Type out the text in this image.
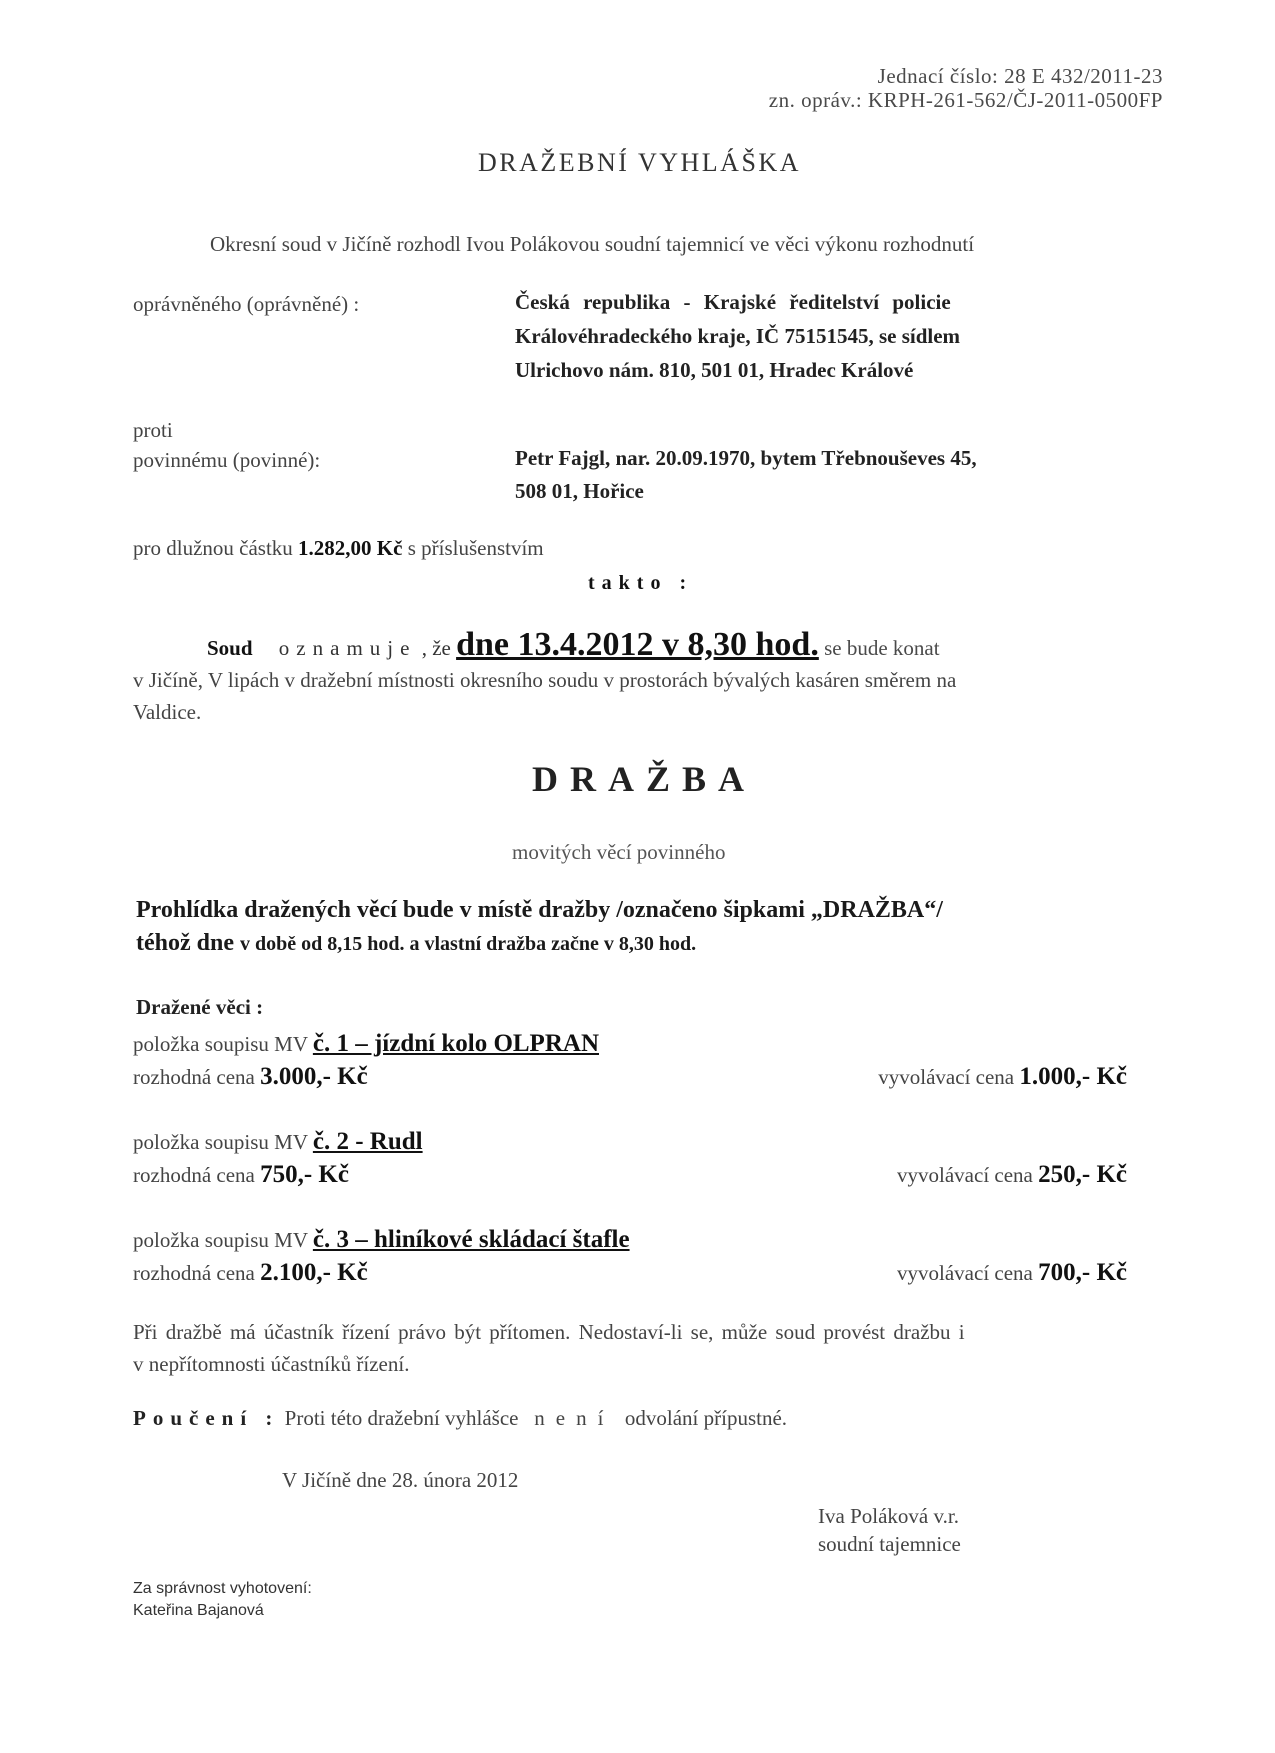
Jednací číslo: 28 E 432/2011-23
zn. opráv.: KRPH-261-562/ČJ-2011-0500FP
DRAŽEBNÍ VYHLÁŠKA
Okresní soud v Jičíně rozhodl Ivou Polákovou soudní tajemnicí ve věci výkonu rozhodnutí
oprávněného (oprávněné) :	Česká republika - Krajské ředitelství policie
Královéhradeckého kraje, IČ 75151545, se sídlem
Ulrichovo nám. 810, 501 01, Hradec Králové
proti
povinnému (povinné):	Petr Fajgl, nar. 20.09.1970, bytem Třebnouševes 45,
508 01, Hořice
pro dlužnou částku 1.282,00 Kč s příslušenstvím
takto :
Soud oznamuje , že dne 13.4.2012 v 8,30 hod. se bude konat
v Jičíně, V lipách v dražební místnosti okresního soudu v prostorách bývalých kasáren směrem na
Valdice.
DRAŽBA
movitých věcí povinného
Prohlídka dražených věcí bude v místě dražby /označeno šipkami „DRAŽBA“/
téhož dne v době od 8,15 hod. a vlastní dražba začne v 8,30 hod.
Dražené věci :
položka soupisu MV č. 1 – jízdní kolo OLPRAN
rozhodná cena 3.000,- Kč	vyvolávací cena 1.000,- Kč
položka soupisu MV č. 2 - Rudl
rozhodná cena 750,- Kč	vyvolávací cena 250,- Kč
položka soupisu MV č. 3 – hliníkové skládací štafle
rozhodná cena 2.100,- Kč	vyvolávací cena 700,- Kč
Při dražbě má účastník řízení právo být přítomen. Nedostaví-li se, může soud provést dražbu i
v nepřítomnosti účastníků řízení.
Poučení : Proti této dražební vyhlášce není odvolání přípustné.
V Jičíně dne 28. února 2012
Iva Poláková v.r.
soudní tajemnice
Za správnost vyhotovení:
Kateřina Bajanová
